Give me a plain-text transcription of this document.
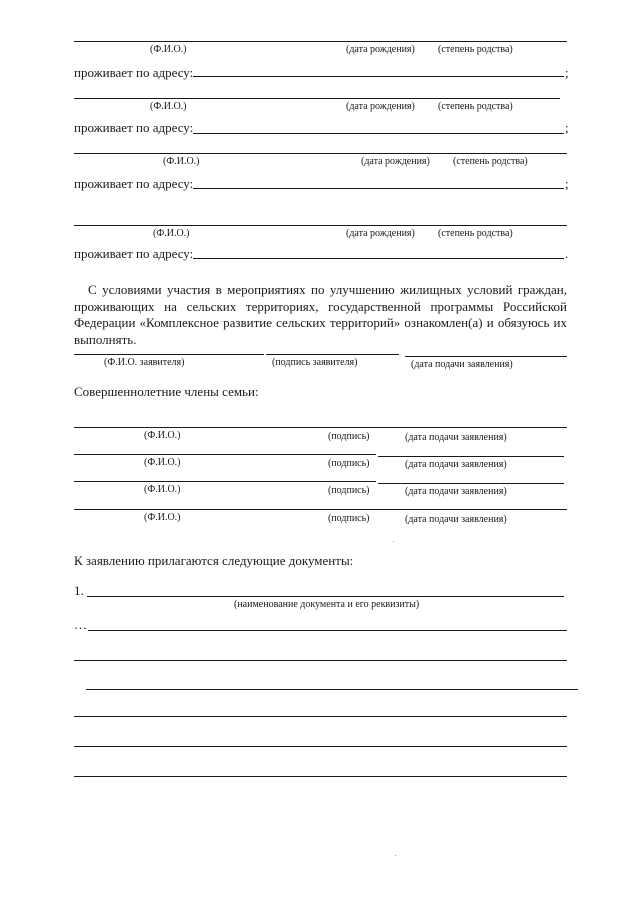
(Ф.И.О.)	(дата рождения) (степень родства)
проживает по адресу:	;
(Ф.И.О.)	(дата рождения) (степень родства)
проживает по адресу:	;
(Ф.И.О.)	(дата рождения) (степень родства)
проживает по адресу:	;
(Ф.И.О.)	(дата рождения) (степень родства)
проживает по адресу:	.
С условиями участия в мероприятиях по улучшению жилищных условий граждан, проживающих на сельских территориях, государственной программы Российской Федерации «Комплексное развитие сельских территорий» ознакомлен(а) и обязуюсь их выполнять.
(Ф.И.О. заявителя)	(подпись заявителя)	(дата подачи заявления)
Совершеннолетние члены семьи:
(Ф.И.О.)	(подпись)	(дата подачи заявления)
(Ф.И.О.)	(подпись)	(дата подачи заявления)
(Ф.И.О.)	(подпись)	(дата подачи заявления)
(Ф.И.О.)	(подпись)	(дата подачи заявления)
К заявлению прилагаются следующие документы:
1.
(наименование документа и его реквизиты)
…
